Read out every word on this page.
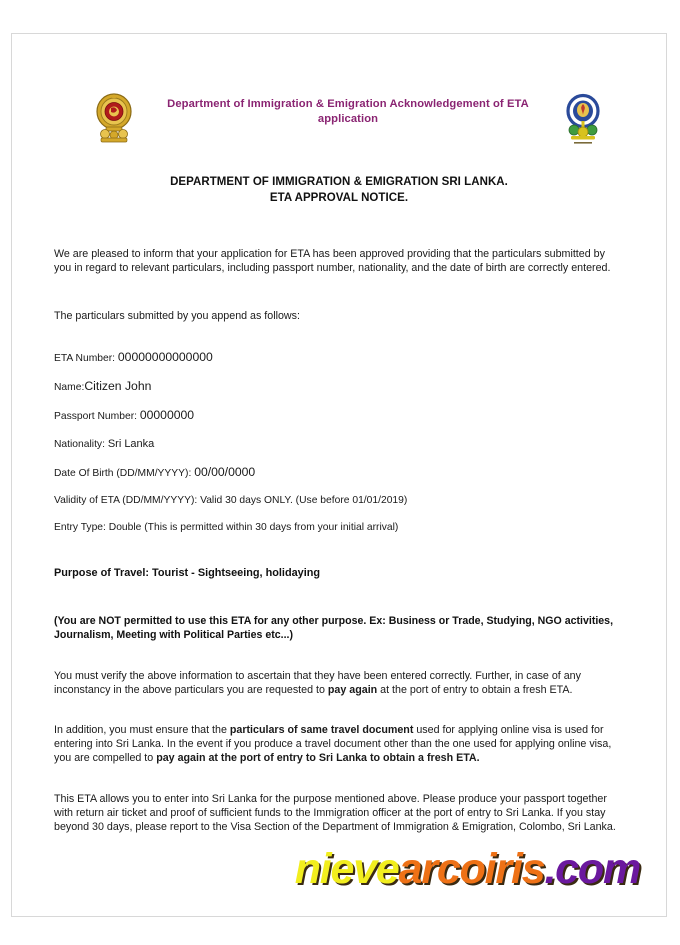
Department of Immigration & Emigration Acknowledgement of ETA application
DEPARTMENT OF IMMIGRATION & EMIGRATION SRI LANKA.
ETA APPROVAL NOTICE.

We are pleased to inform that your application for ETA has been approved providing that the particulars submitted by you in regard to relevant particulars, including passport number, nationality, and the date of birth are correctly entered.

The particulars submitted by you append as follows:

ETA Number: 00000000000000
Name:Citizen John
Passport Number: 00000000
Nationality: Sri Lanka
Date Of Birth (DD/MM/YYYY): 00/00/0000
Validity of ETA (DD/MM/YYYY): Valid 30 days ONLY. (Use before 01/01/2019)
Entry Type: Double (This is permitted within 30 days from your initial arrival)

Purpose of Travel: Tourist - Sightseeing, holidaying

(You are NOT permitted to use this ETA for any other purpose. Ex: Business or Trade, Studying, NGO activities, Journalism, Meeting with Political Parties etc...)

You must verify the above information to ascertain that they have been entered correctly. Further, in case of any inconstancy in the above particulars you are requested to pay again at the port of entry to obtain a fresh ETA.

In addition, you must ensure that the particulars of same travel document used for applying online visa is used for entering into Sri Lanka. In the event if you produce a travel document other than the one used for applying online visa, you are compelled to pay again at the port of entry to Sri Lanka to obtain a fresh ETA.

This ETA allows you to enter into Sri Lanka for the purpose mentioned above. Please produce your passport together with return air ticket and proof of sufficient funds to the Immigration officer at the port of entry to Sri Lanka. If you stay beyond 30 days, please report to the Visa Section of the Department of Immigration & Emigration, Colombo, Sri Lanka.

nievearcoiris.com
